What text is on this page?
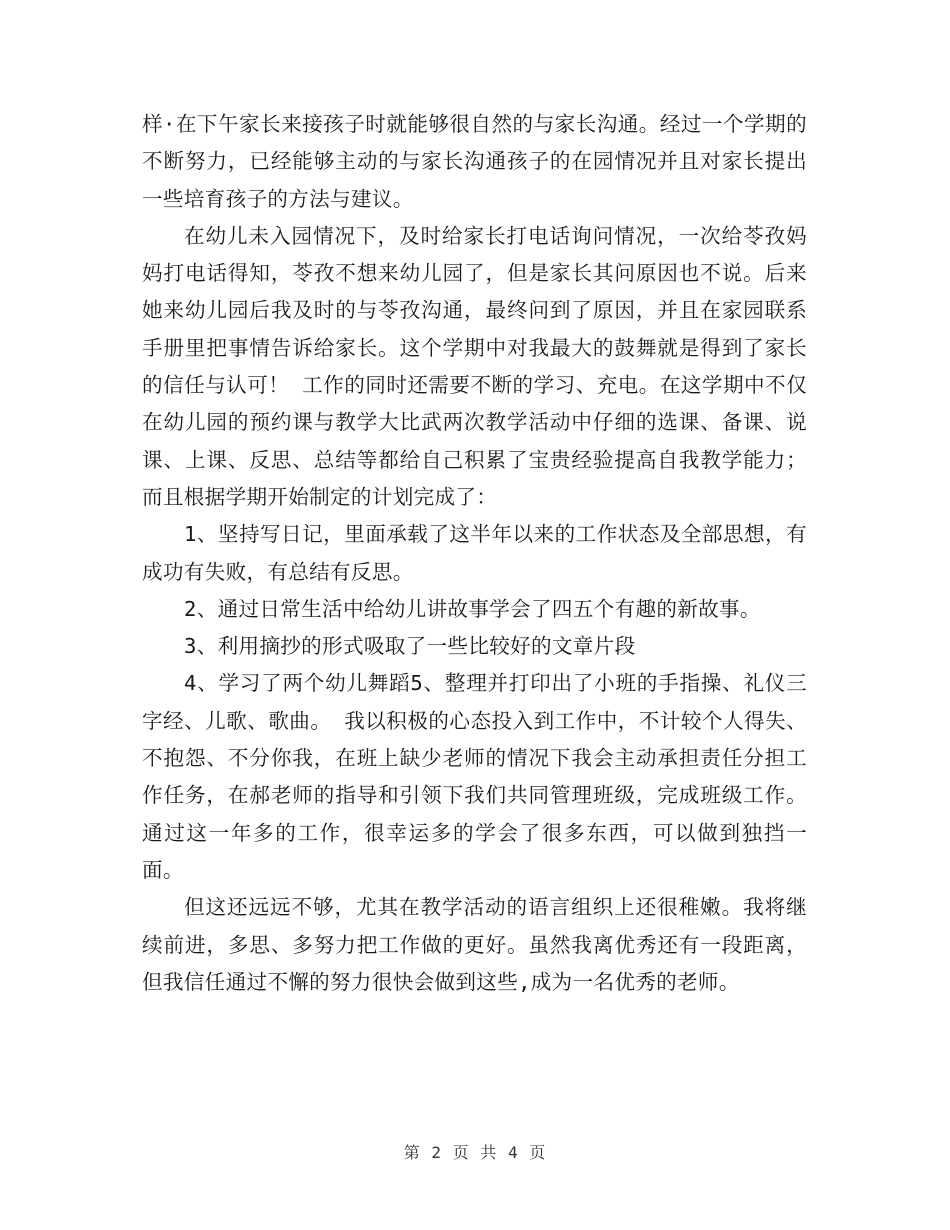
样·在下午家长来接孩子时就能够很自然的与家长沟通。经过一个学期的不断努力，已经能够主动的与家长沟通孩子的在园情况并且对家长提出一些培育孩子的方法与建议。

在幼儿未入园情况下，及时给家长打电话询问情况，一次给苓孜妈妈打电话得知，苓孜不想来幼儿园了，但是家长其问原因也不说。后来她来幼儿园后我及时的与苓孜沟通，最终问到了原因，并且在家园联系手册里把事情告诉给家长。这个学期中对我最大的鼓舞就是得到了家长的信任与认可！ 工作的同时还需要不断的学习、充电。在这学期中不仅在幼儿园的预约课与教学大比武两次教学活动中仔细的选课、备课、说课、上课、反思、总结等都给自己积累了宝贵经验提高自我教学能力；而且根据学期开始制定的计划完成了：

1、坚持写日记，里面承载了这半年以来的工作状态及全部思想，有成功有失败，有总结有反思。

2、通过日常生活中给幼儿讲故事学会了四五个有趣的新故事。

3、利用摘抄的形式吸取了一些比较好的文章片段

4、学习了两个幼儿舞蹈5、整理并打印出了小班的手指操、礼仪三字经、儿歌、歌曲。 我以积极的心态投入到工作中，不计较个人得失、不抱怨、不分你我，在班上缺少老师的情况下我会主动承担责任分担工作任务，在郝老师的指导和引领下我们共同管理班级，完成班级工作。 通过这一年多的工作，很幸运多的学会了很多东西，可以做到独挡一面。

但这还远远不够，尤其在教学活动的语言组织上还很稚嫩。我将继续前进，多思、多努力把工作做的更好。虽然我离优秀还有一段距离，但我信任通过不懈的努力很快会做到这些,成为一名优秀的老师。

第 2 页 共 4 页
